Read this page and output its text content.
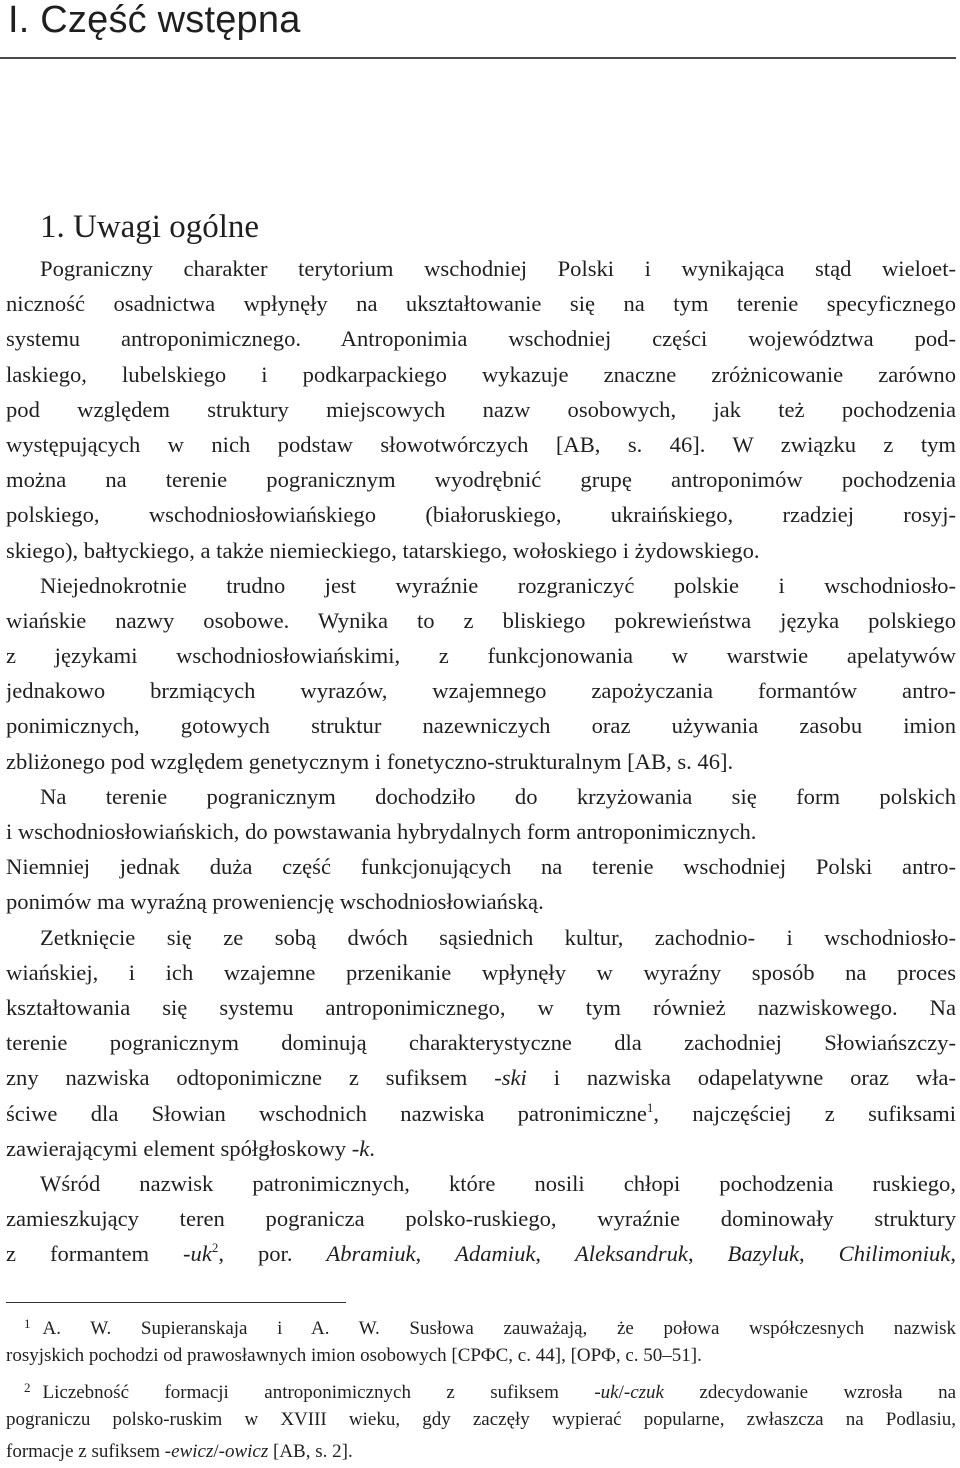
I. Część wstępna
1. Uwagi ogólne
Pograniczny charakter terytorium wschodniej Polski i wynikająca stąd wieloet-
niczność osadnictwa wpłynęły na ukształtowanie się na tym terenie specyficznego
systemu antroponimicznego. Antroponimia wschodniej części województwa pod-
laskiego, lubelskiego i podkarpackiego wykazuje znaczne zróżnicowanie zarówno
pod względem struktury miejscowych nazw osobowych, jak też pochodzenia
występujących w nich podstaw słowotwórczych [AB, s. 46]. W związku z tym
można na terenie pogranicznym wyodrębnić grupę antroponimów pochodzenia
polskiego, wschodniosłowiańskiego (białoruskiego, ukraińskiego, rzadziej rosyj-
skiego), bałtyckiego, a także niemieckiego, tatarskiego, wołoskiego i żydowskiego.
Niejednokrotnie trudno jest wyraźnie rozgraniczyć polskie i wschodniosło-
wiańskie nazwy osobowe. Wynika to z bliskiego pokrewieństwa języka polskiego
z językami wschodniosłowiańskimi, z funkcjonowania w warstwie apelatywów
jednakowo brzmiących wyrazów, wzajemnego zapożyczania formantów antro-
ponimicznych, gotowych struktur nazewniczych oraz używania zasobu imion
zbliżonego pod względem genetycznym i fonetyczno-strukturalnym [AB, s. 46].
Na terenie pogranicznym dochodziło do krzyżowania się form polskich
i wschodniosłowiańskich, do powstawania hybrydalnych form antroponimicznych.
Niemniej jednak duża część funkcjonujących na terenie wschodniej Polski antro-
ponimów ma wyraźną proweniencję wschodniosłowiańską.
Zetknięcie się ze sobą dwóch sąsiednich kultur, zachodnio- i wschodniosło-
wiańskiej, i ich wzajemne przenikanie wpłynęły w wyraźny sposób na proces
kształtowania się systemu antroponimicznego, w tym również nazwiskowego. Na
terenie pogranicznym dominują charakterystyczne dla zachodniej Słowiańszczy-
zny nazwiska odtoponimiczne z sufiksem -ski i nazwiska odapelatywne oraz wła-
ściwe dla Słowian wschodnich nazwiska patronimiczne$^1$, najczęściej z sufiksami
zawierającymi element spółgłoskowy -k.
Wśród nazwisk patronimicznych, które nosili chłopi pochodzenia ruskiego,
zamieszkujący teren pogranicza polsko-ruskiego, wyraźnie dominowały struktury
z formantem -uk$^2$, por. Abramiuk, Adamiuk, Aleksandruk, Bazyluk, Chilimoniuk,
$^1$ A. W. Supieranskaja i A. W. Susłowa zauważają, że połowa współczesnych nazwisk
rosyjskich pochodzi od prawosławnych imion osobowych [СРФС, c. 44], [ОРФ, c. 50–51].
$^2$ Liczebność formacji antroponimicznych z sufiksem -uk/-czuk zdecydowanie wzrosła na
pograniczu polsko-ruskim w XVIII wieku, gdy zaczęły wypierać popularne, zwłaszcza na Podlasiu,
formacje z sufiksem -ewicz/-owicz [AB, s. 2].
